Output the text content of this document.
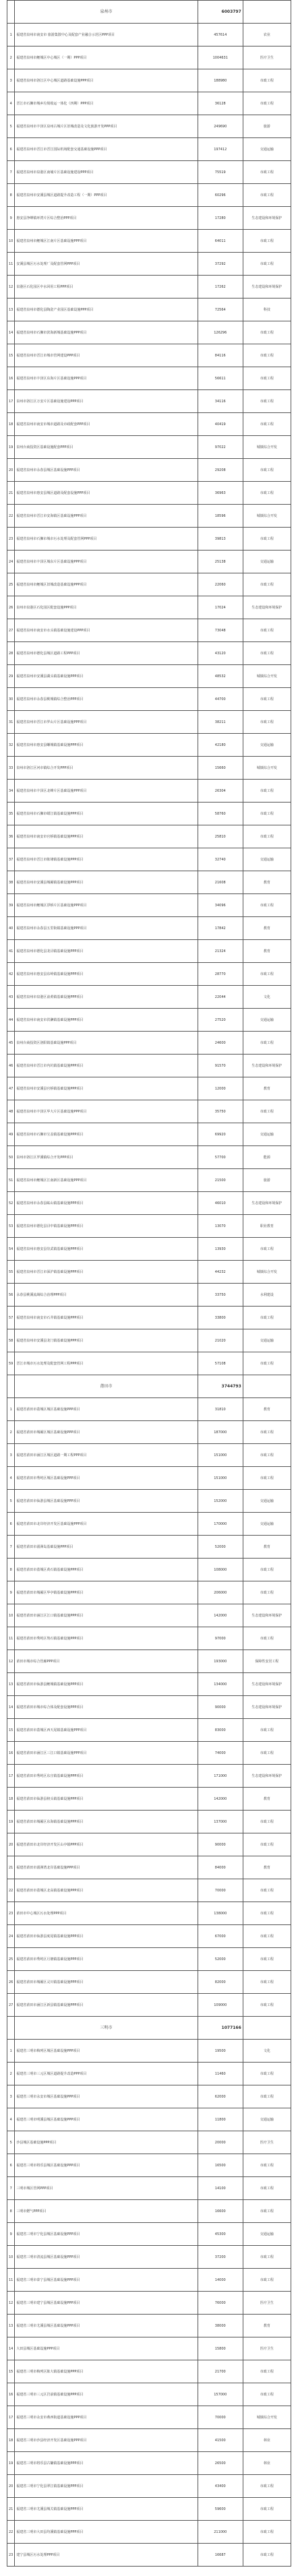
	泉州市	6003797	
1	福建省泉州市南安市 旅游集散中心及配套产业融合示范区PPP项目	457614	农业
2	福建省泉州市鲤城区中心城区（一期）PPP项目	1004631	医疗卫生
3	福建省泉州市洛江区中心城区道路基础设施PPP项目	188980	市政工程
4	晋江市石狮市城乡垃圾收运一体化（四期）PPP项目	36128	市政工程
5	福建省泉州市丰泽区泉州古城片区旧城改造及文化旅游开发PPP项目	249690	旅游
6	福建省泉州市晋江市晋江国际机场配套交通基础设施PPP项目	197412	交通运输
7	福建省泉州市泉港区南埔片区基础设施建设PPP项目	75519	市政工程
8	福建省泉州市安溪县城区道路提升改造工程（一期）PPP项目	60296	市政工程
9	惠安县净峰镇环湾片区综合整治PPP项目	17280	生态建设和环境保护
10	福建省泉州市鲤城区江南片区基础设施PPP项目	64011	市政工程
11	安溪县城区污水处理厂及配套管网PPP项目	37292	市政工程
12	泉港区石化园区中水回用工程PPP项目	17262	生态建设和环境保护
13	福建省泉州市德化县陶瓷产业园区基础设施PPP项目	72564	科技
14	福建省泉州市石狮市滨海新城基础设施PPP项目	126296	市政工程
15	福建省泉州市晋江市城市管网建设PPP项目	84116	市政工程
16	福建省泉州市丰泽区东海片区基础设施PPP项目	56611	市政工程
17	泉州市洛江区万安片区基础设施建设PPP项目	34116	市政工程
18	福建省泉州市南安市城市道路及市政配套PPP项目	40419	市政工程
19	泉州台商投资区基础设施配套PPP项目	97022	城镇综合开发
20	福建省泉州市永春县城区基础设施PPP项目	29208	市政工程
21	福建省泉州市惠安县城区道路及配套设施PPP项目	36963	市政工程
22	福建省泉州市晋江市安海镇区基础设施PPP项目	18596	城镇综合开发
23	福建省泉州市石狮市城市污水处理及配套管网PPP项目	39813	市政工程
24	福建省泉州市丰泽区城东片区基础设施PPP项目	25138	交通运输
25	福建省泉州市鲤城区旧城改造基础设施PPP项目	22060	市政工程
26	泉州市泉港区石化园区配套设施PPP项目	17024	生态建设和环境保护
27	福建省泉州市南安市水头镇基础设施建设PPP项目	73048	市政工程
28	福建省泉州市德化县城区道路工程PPP项目	43120	市政工程
29	福建省泉州市安溪县湖头镇基础设施PPP项目	48532	城镇综合开发
30	福建省泉州市永春县桃城镇综合整治PPP项目	44700	市政工程
31	福建省泉州市晋江市罗山片区基础设施PPP项目	38211	市政工程
32	福建省泉州市惠安县螺城镇基础设施PPP项目	42180	交通运输
33	泉州市洛江区河市镇综合开发PPP项目	15660	城镇综合开发
34	福建省泉州市丰泽区北峰片区基础设施PPP项目	26304	市政工程
35	福建省泉州市石狮市蚶江镇基础设施PPP项目	58760	市政工程
36	福建省泉州市南安市官桥镇基础设施PPP项目	25810	市政工程
37	福建省泉州市晋江市陈埭镇基础设施PPP项目	32740	交通运输
38	福建省泉州市安溪县城厢镇基础设施PPP项目	21608	教育
39	福建省泉州市鲤城区浮桥片区基础设施PPP项目	34096	市政工程
40	福建省泉州市永春县五里街镇基础设施PPP项目	17842	教育
41	福建省泉州市德化县龙浔镇基础设施PPP项目	21324	教育
42	福建省泉州市惠安县东岭镇基础设施PPP项目	28770	市政工程
43	福建省泉州市泉港区前黄镇基础设施PPP项目	22044	文化
44	福建省泉州市南安市洪濑镇基础设施PPP项目	27520	交通运输
45	泉州台商投资区洛阳镇基础设施PPP项目	24600	市政工程
46	福建省泉州市晋江市内坑镇基础设施PPP项目	91570	生态建设和环境保护
47	福建省泉州市安溪县官桥镇基础设施PPP项目	12000	教育
48	福建省泉州市丰泽区华大片区基础设施PPP项目	35750	市政工程
49	福建省泉州市石狮市宝盖镇基础设施PPP项目	69920	交通运输
50	泉州市洛江区罗溪镇综合开发PPP项目	57700	能源
51	福建省泉州市鲤城区江南新区基础设施PPP项目	21500	旅游
52	福建省泉州市永春县岵山镇基础设施PPP项目	46010	生态建设和环境保护
53	福建省泉州市德化县浔中镇基础设施PPP项目	13070	职业教育
54	福建省泉州市惠安县崇武镇基础设施PPP项目	13930	市政工程
55	福建省泉州市晋江市深沪镇基础设施PPP项目	44232	城镇综合开发
56	永春县桃溪流域综合治理PPP项目	33750	水利建设
57	福建省泉州市南安市石井镇基础设施PPP项目	33800	市政工程
58	福建省泉州市安溪县龙门镇基础设施PPP项目	21020	交通运输
59	晋江市城市污水处理及配套管网工程PPP项目	57108	市政工程
	莆田市	3744793	
1	福建省莆田市荔城区城区基础设施PPP项目	31810	教育
2	福建省莆田市城厢区城区基础设施PPP项目	187000	市政工程
3	福建省莆田市涵江区城区道路一期工程PPP项目	151000	市政工程
4	福建省莆田市秀屿区城区基础设施PPP项目	151000	市政工程
5	福建省莆田市仙游县城区基础设施PPP项目	152000	交通运输
6	福建省莆田市北岸经济开发区基础设施PPP项目	170000	交通运输
7	福建省莆田市湄洲岛基础设施PPP项目	52000	教育
8	福建省莆田市荔城区黄石镇基础设施PPP项目	108000	市政工程
9	福建省莆田市城厢区华亭镇基础设施PPP项目	206000	市政工程
10	福建省莆田市涵江区江口镇基础设施PPP项目	142000	生态建设和环境保护
11	福建省莆田市秀屿区笏石镇基础设施PPP项目	97000	市政工程
12	莆田市城市综合管廊PPP项目	193000	保障性安居工程
13	福建省莆田市仙游县鲤城镇基础设施PPP项目	134000	生态建设和环境保护
14	福建省莆田市城市综合体及配套设施PPP项目	90000	生态建设和环境保护
15	福建省莆田市荔城区西天尾镇基础设施PPP项目	83000	市政工程
16	福建省莆田市涵江区三江口镇基础设施PPP项目	74000	市政工程
17	福建省莆田市秀屿区东庄镇基础设施PPP项目	171000	生态建设和环境保护
18	福建省莆田市仙游县榜头镇基础设施PPP项目	142000	教育
19	福建省莆田市城厢区东海镇基础设施PPP项目	137000	市政工程
20	福建省莆田市北岸经济开发区山亭镇PPP项目	90000	市政工程
21	福建省莆田市湄洲湾北岸基础设施PPP项目	84000	教育
22	福建省莆田市荔城区北高镇基础设施PPP项目	70000	市政工程
23	莆田市中心城区污水处理PPP项目	138000	市政工程
24	福建省莆田市仙游县度尾镇基础设施PPP项目	67000	市政工程
25	福建省莆田市秀屿区月塘镇基础设施PPP项目	52000	市政工程
26	福建省莆田市城厢区灵川镇基础设施PPP项目	82000	市政工程
27	福建省莆田市涵江区新县镇基础设施PPP项目	109000	市政工程
	三明市	1077166	
1	福建省三明市梅列区城区基础设施PPP项目	19500	文化
2	福建省三明市三元区城区道路提升改造PPP项目	11460	市政工程
3	福建省三明市永安市城区基础设施PPP项目	62000	市政工程
4	福建省三明市明溪县城区基础设施PPP项目	11800	交通运输
5	沙县城区基础设施PPP项目	20000	医疗卫生
6	福建省三明市将乐县城区基础设施PPP项目	16500	市政工程
7	三明市城区管网PPP项目	14100	市政工程
8	三明市燃气PPP项目	16600	市政工程
9	福建省三明市宁化县城区基础设施PPP项目	45300	交通运输
10	福建省三明市清流县城区基础设施PPP项目	37200	市政工程
11	福建省三明市泰宁县城区基础设施PPP项目	14000	市政工程
12	福建省三明市建宁县城区基础设施PPP项目	76000	医疗卫生
13	福建省三明市尤溪县城区基础设施PPP项目	38000	教育
14	大田县城区基础设施PPP项目	15800	医疗卫生
15	福建省三明市梅列区陈大镇基础设施PPP项目	21700	市政工程
16	福建省三明市三元区岩前镇基础设施PPP项目	157000	市政工程
17	福建省三明市永安市燕西街道基础设施PPP项目	70000	城镇综合开发
18	福建省三明市沙县经济开发区基础设施PPP项目	41500	林业
19	福建省三明市将乐县古镛镇基础设施PPP项目	26500	林业
20	福建省三明市宁化县翠江镇基础设施PPP项目	43400	市政工程
21	福建省三明市尤溪县城关镇基础设施PPP项目	59600	市政工程
22	福建省三明市大田县均溪镇基础设施PPP项目	211000	市政工程
23	建宁县城区污水处理PPP项目	16687	市政工程
